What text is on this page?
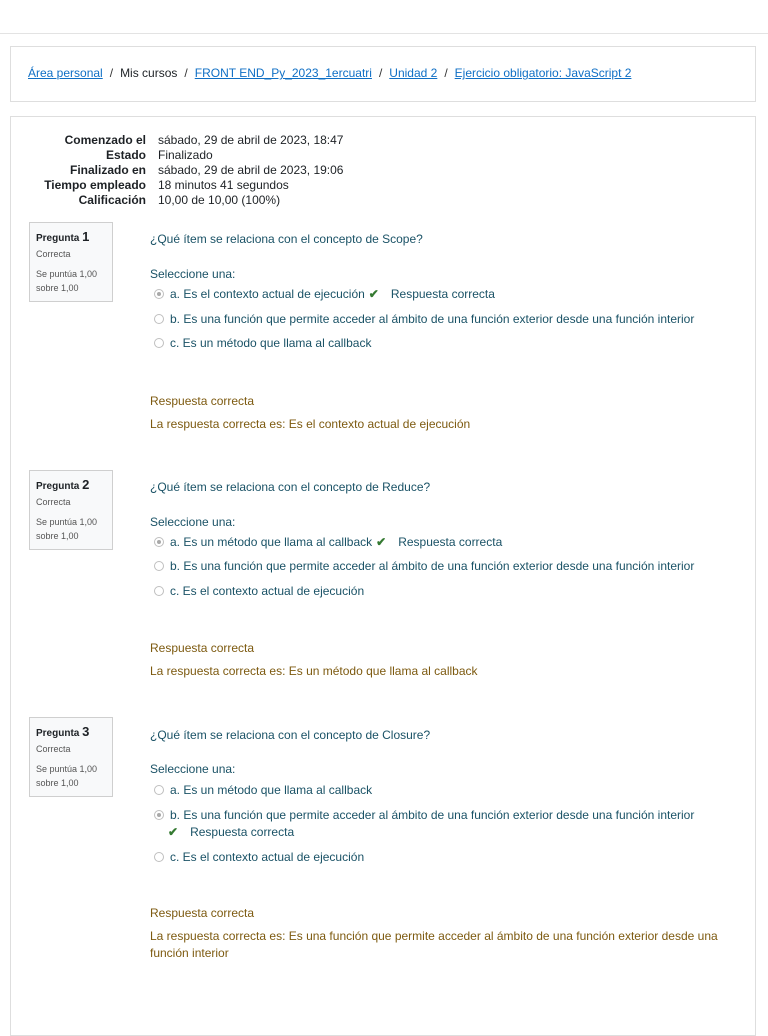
Área personal / Mis cursos / FRONT END_Py_2023_1ercuatri / Unidad 2 / Ejercicio obligatorio: JavaScript 2
Comenzado el sábado, 29 de abril de 2023, 18:47
Estado Finalizado
Finalizado en sábado, 29 de abril de 2023, 19:06
Tiempo empleado 18 minutos 41 segundos
Calificación 10,00 de 10,00 (100%)
Pregunta 1
Correcta
Se puntúa 1,00
sobre 1,00
¿Qué ítem se relaciona con el concepto de Scope?
Seleccione una:
a. Es el contexto actual de ejecución ✔ Respuesta correcta
b. Es una función que permite acceder al ámbito de una función exterior desde una función interior
c. Es un método que llama al callback
Respuesta correcta
La respuesta correcta es: Es el contexto actual de ejecución
Pregunta 2
Correcta
Se puntúa 1,00
sobre 1,00
¿Qué ítem se relaciona con el concepto de Reduce?
Seleccione una:
a. Es un método que llama al callback ✔ Respuesta correcta
b. Es una función que permite acceder al ámbito de una función exterior desde una función interior
c. Es el contexto actual de ejecución
Respuesta correcta
La respuesta correcta es: Es un método que llama al callback
Pregunta 3
Correcta
Se puntúa 1,00
sobre 1,00
¿Qué ítem se relaciona con el concepto de Closure?
Seleccione una:
a. Es un método que llama al callback
b. Es una función que permite acceder al ámbito de una función exterior desde una función interior
✔ Respuesta correcta
c. Es el contexto actual de ejecución
Respuesta correcta
La respuesta correcta es: Es una función que permite acceder al ámbito de una función exterior desde una función interior
